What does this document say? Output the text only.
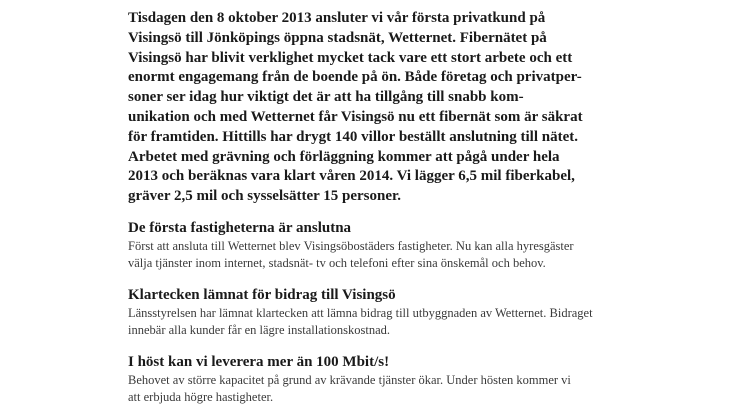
Tisdagen den 8 oktober 2013 ansluter vi vår första privatkund på
Visingsö till Jönköpings öppna stadsnät, Wetternet. Fibernätet på
Visingsö har blivit verklighet mycket tack vare ett stort arbete och ett
enormt engagemang från de boende på ön. Både företag och privatper-
soner ser idag hur viktigt det är att ha tillgång till snabb kom-
unikation och med Wetternet får Visingsö nu ett fibernät som är säkrat
för framtiden. Hittills har drygt 140 villor beställt anslutning till nätet.
Arbetet med grävning och förläggning kommer att pågå under hela
2013 och beräknas vara klart våren 2014. Vi lägger 6,5 mil fiberkabel,
gräver 2,5 mil och sysselsätter 15 personer.

De första fastigheterna är anslutna

Först att ansluta till Wetternet blev Visingsöbostäders fastigheter. Nu kan alla hyresgäster
välja tjänster inom internet, stadsnät- tv och telefoni efter sina önskemål och behov.

Klartecken lämnat för bidrag till Visingsö

Länsstyrelsen har lämnat klartecken att lämna bidrag till utbyggnaden av Wetternet. Bidraget
innebär alla kunder får en lägre installationskostnad.

I höst kan vi leverera mer än 100 Mbit/s!

Behovet av större kapacitet på grund av krävande tjänster ökar. Under hösten kommer vi
att erbjuda högre hastigheter.
